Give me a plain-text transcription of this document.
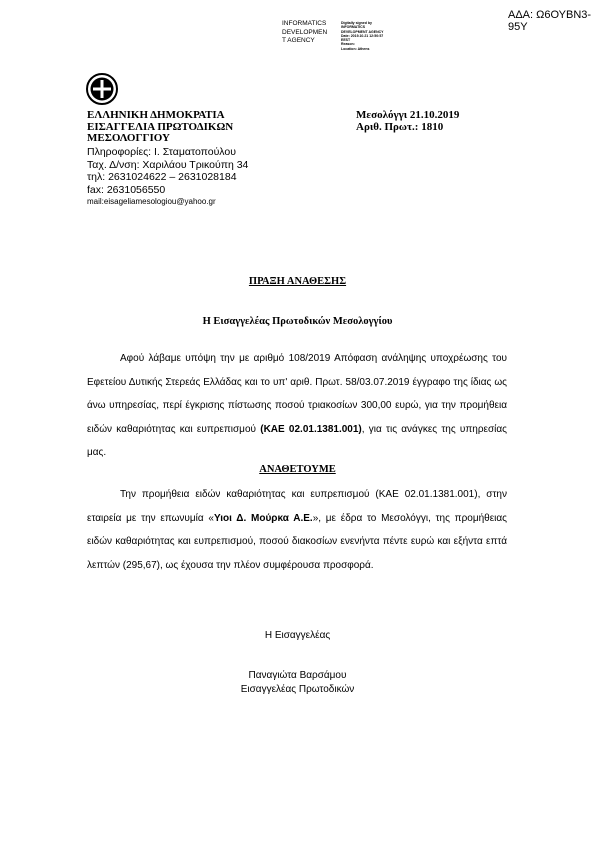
ΑΔΑ: Ω6ΟΥΒΝ3-95Υ
INFORMATICS
DEVELOPMEN
T AGENCY
Digitally signed by
INFORMATICS
DEVELOPMENT AGENCY
Date: 2019.10.21 12:50:57
EEST
Reason:
Location: Athens
ΕΛΛΗΝΙΚΗ ΔΗΜΟΚΡΑΤΙΑ
ΕΙΣΑΓΓΕΛΙΑ ΠΡΩΤΟΔΙΚΩΝ
ΜΕΣΟΛΟΓΓΙΟΥ
Μεσολόγγι 21.10.2019
Αριθ. Πρωτ.: 1810
Πληροφορίες: Ι. Σταματοπούλου
Ταχ. Δ/νση: Χαριλάου Τρικούπη 34
τηλ: 2631024622 – 2631028184
fax: 2631056550
mail:eisageliamesologiou@yahoo.gr
ΠΡΑΞΗ ΑΝΑΘΕΣΗΣ
Η Εισαγγελέας Πρωτοδικών Μεσολογγίου
Αφού λάβαμε υπόψη την με αριθμό 108/2019 Απόφαση ανάληψης υποχρέωσης του Εφετείου Δυτικής Στερεάς Ελλάδας και το υπ' αριθ. Πρωτ. 58/03.07.2019 έγγραφο της ίδιας ως άνω υπηρεσίας, περί έγκρισης πίστωσης ποσού τριακοσίων 300,00 ευρώ, για την προμήθεια ειδών καθαριότητας και ευπρεπισμού (ΚΑΕ 02.01.1381.001), για τις ανάγκες της υπηρεσίας μας.
ΑΝΑΘΕΤΟΥΜΕ
Την προμήθεια ειδών καθαριότητας και ευπρεπισμού (ΚΑΕ 02.01.1381.001), στην εταιρεία με την επωνυμία «Υιοι Δ. Μούρκα Α.Ε.», με έδρα το Μεσολόγγι, της προμήθειας ειδών καθαριότητας και ευπρεπισμού, ποσού διακοσίων ενενήντα πέντε ευρώ και εξήντα επτά λεπτών (295,67), ως έχουσα την πλέον συμφέρουσα προσφορά.
Η Εισαγγελέας
Παναγιώτα Βαρσάμου
Εισαγγελέας Πρωτοδικών
